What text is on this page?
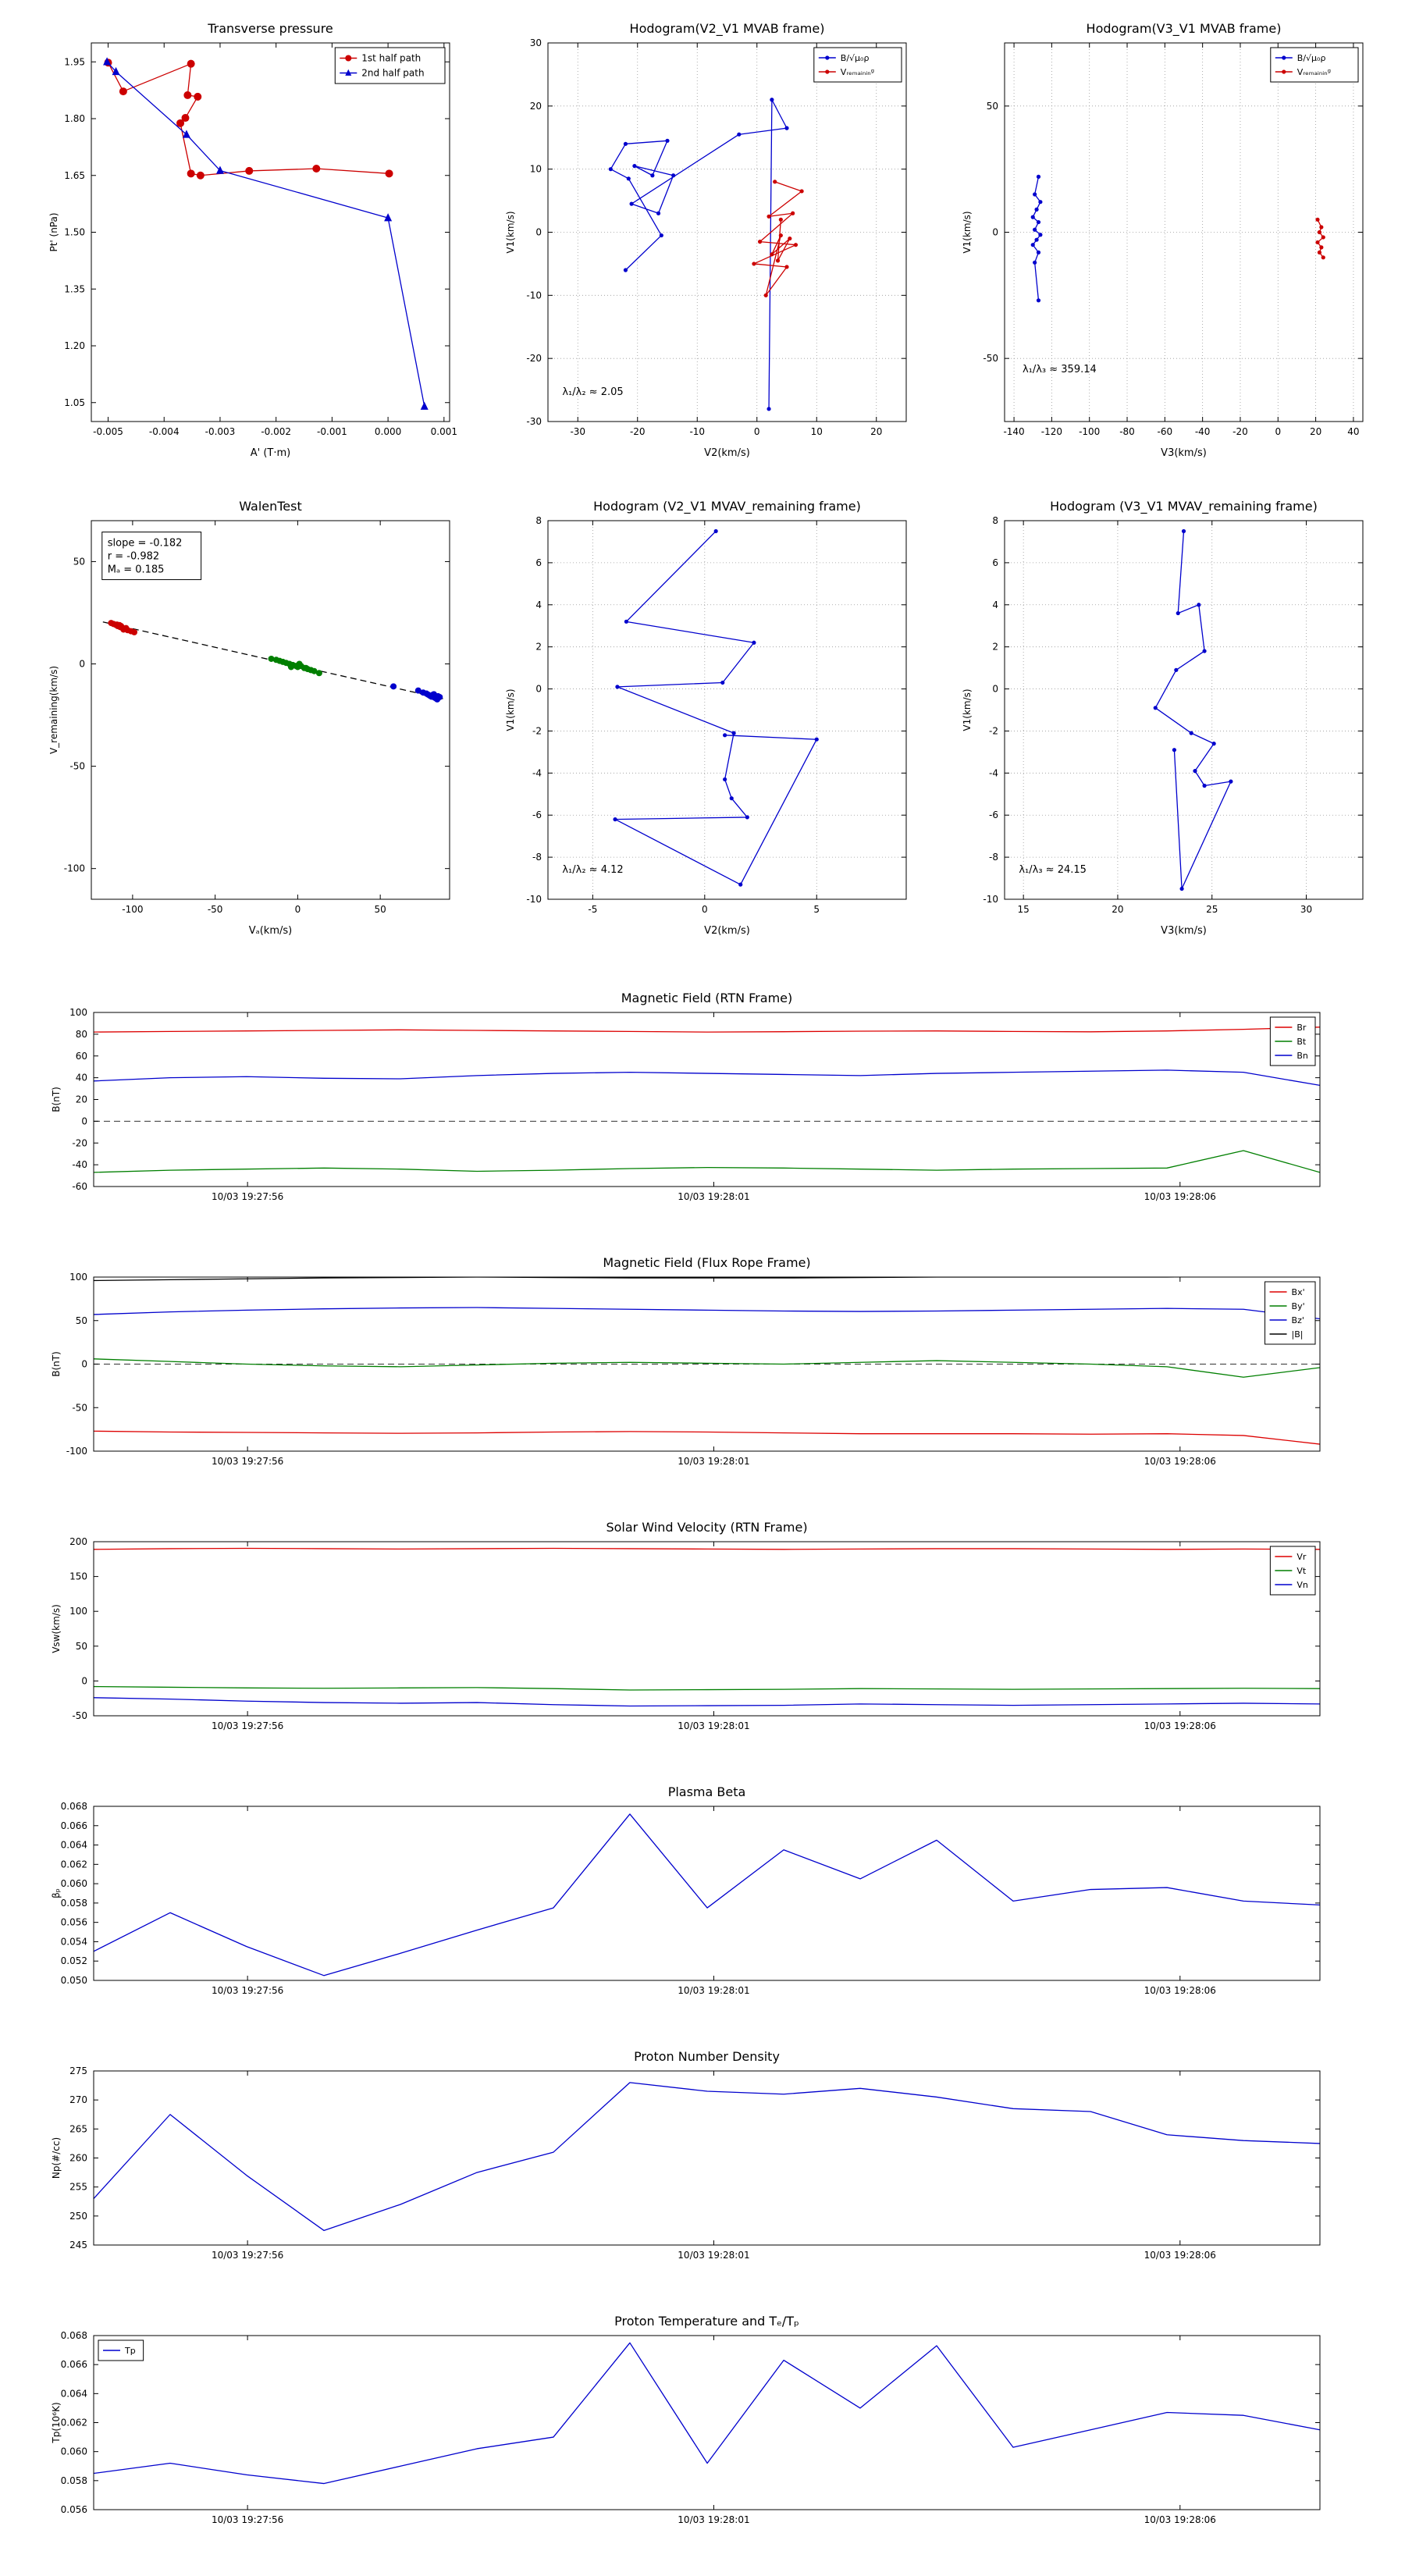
-0.005	-0.004	-0.003	-0.002	-0.001	0.000	0.001
1.05
1.20
1.35
1.50
1.65
1.80
1.95
Transverse pressure
A' (T·m)
Pt' (nPa)
1st half path
2nd half path
-30	-20	-10	0	10	20
-30
-20
-10
0
10
20
30
Hodogram(V2_V1 MVAB frame)
V2(km/s)
V1(km/s)
B/√μ₀ρ
Vᵣₑₘₐᵢₙᵢₙᵍ
λ₁/λ₂ ≈ 2.05
-140 -120 -100 -80 -60 -40 -20	0	20	40
-50
0
50
Hodogram(V3_V1 MVAB frame)
V3(km/s)
V1(km/s)
B/√μ₀ρ
Vᵣₑₘₐᵢₙᵢₙᵍ
λ₁/λ₃ ≈ 359.14
-100	-50	0	50
-100
-50
0
50
WalenTest
Vₐ(km/s)
V_remaining(km/s)
slope = -0.182
r = -0.982
Mₐ = 0.185
-5	0	5
-10
-8
-6
-4
-2
0
2
4
6
8
Hodogram (V2_V1 MVAV_remaining frame)
V2(km/s)
V1(km/s)
λ₁/λ₂ ≈ 4.12
15	20	25	30
-10
-8
-6
-4
-2
0
2
4
6
8
Hodogram (V3_V1 MVAV_remaining frame)
V3(km/s)
V1(km/s)
λ₁/λ₃ ≈ 24.15
10/03 19:27:56	10/03 19:28:01	10/03 19:28:06
-60
-40
-20
0
20
40
60
80
100
Magnetic Field (RTN Frame)
B(nT)
Br
Bt
Bn
10/03 19:27:56	10/03 19:28:01	10/03 19:28:06
-100
-50
0
50
100
Magnetic Field (Flux Rope Frame)
B(nT)
Bx'
By'
Bz'
|B|
10/03 19:27:56	10/03 19:28:01	10/03 19:28:06
-50
0
50
100
150
200
Solar Wind Velocity (RTN Frame)
Vsw(km/s)
Vr
Vt
Vn
10/03 19:27:56	10/03 19:28:01	10/03 19:28:06
0.050
0.052
0.054
0.056
0.058
0.060
0.062
0.064
0.066
0.068
Plasma Beta
βₚ
10/03 19:27:56	10/03 19:28:01	10/03 19:28:06
245
250
255
260
265
270
275
Proton Number Density
Np(#/cc)
10/03 19:27:56	10/03 19:28:01	10/03 19:28:06
0.056
0.058
0.060
0.062
0.064
0.066
0.068
Proton Temperature and Tₑ/Tₚ
Tp(10⁶K)
Tp
